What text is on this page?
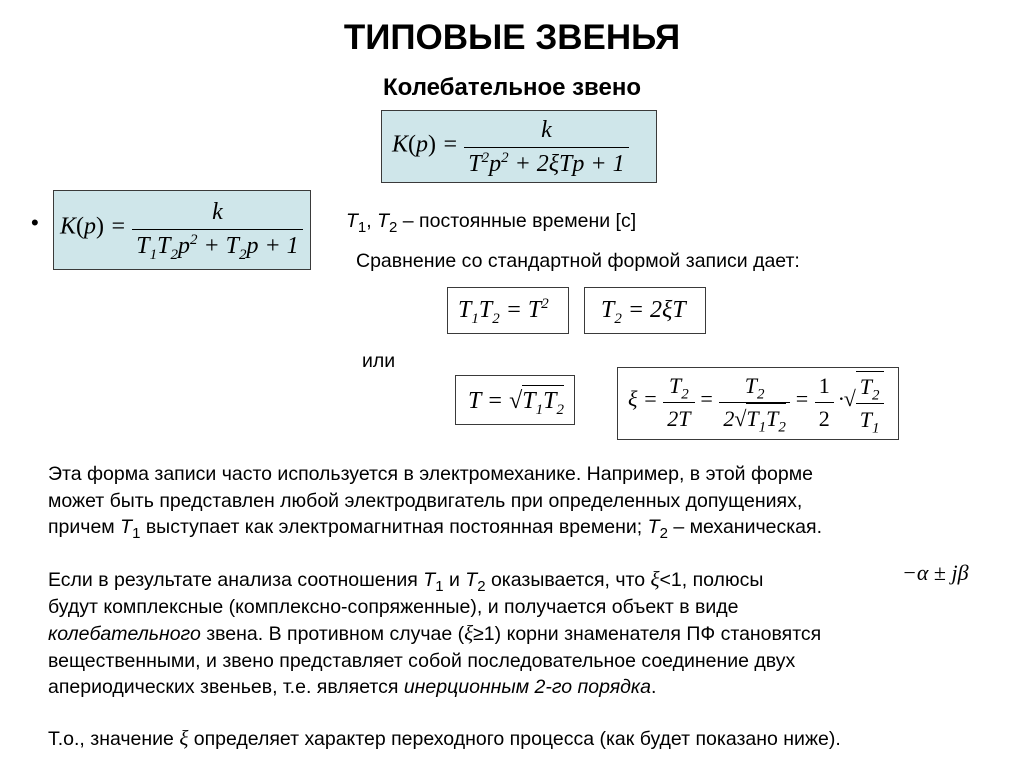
ТИПОВЫЕ ЗВЕНЬЯ
Колебательное звено
$K(p) = \frac{k}{T^2p^2 + 2\xi Tp + 1}$
• $K(p) = \frac{k}{T_1T_2p^2 + T_2p + 1} T_1$, $T_2$ – постоянные времени [с]
Сравнение со стандартной формой записи дает:
$T_1T_2 = T^2$	$T_2 = 2\xi T$
или
$T = √T_1T_2$	$\xi = \frac{T_2}{2T} = \frac{T_2}{2√T_1T_2} = \frac{1}{2}$ ·√ $\frac{T_2}{T_1}$
Эта форма записи часто используется в электромеханике. Например, в этой форме
может быть представлен любой электродвигатель при определенных допущениях,
причем $T_1$ выступает как электромагнитная постоянная времени; $T_2$ – механическая.
−α ± jβ
Если в результате анализа соотношения $T_1$ и $T_2$ оказывается, что ξ<1, полюсы
будут комплексные (комплексно-сопряженные), и получается объект в виде
колебательного звена. В противном случае (ξ≥1) корни знаменателя ПФ становятся
вещественными, и звено представляет собой последовательное соединение двух
апериодических звеньев, т.е. является инерционным 2-го порядка.
Т.о., значение ξ определяет характер переходного процесса (как будет показано ниже).
